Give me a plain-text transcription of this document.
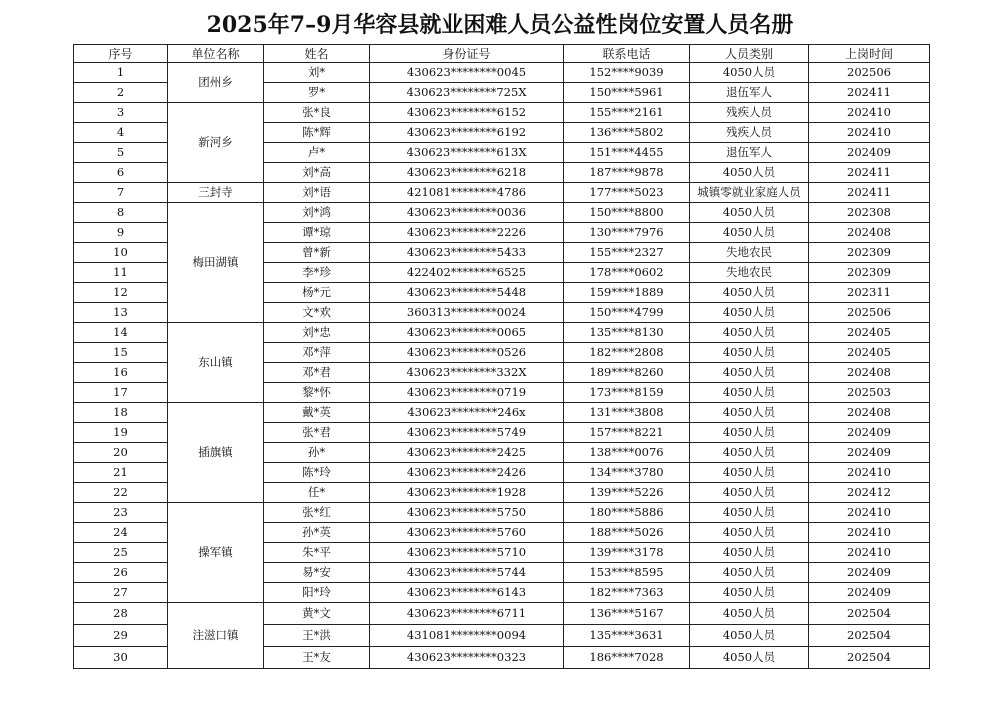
2025年7–9月华容县就业困难人员公益性岗位安置人员名册
序号	单位名称	姓名	身份证号	联系电话	人员类别	上岗时间
1	团州乡	刘*	430623********0045	152****9039	4050人员	202506
2		罗*	430623********725X	150****5961	退伍军人	202411
3	新河乡	张*良	430623********6152	155****2161	残疾人员	202410
4		陈*辉	430623********6192	136****5802	残疾人员	202410
5		卢*	430623********613X	151****4455	退伍军人	202409
6		刘*高	430623********6218	187****9878	4050人员	202411
7	三封寺	刘*语	421081********4786	177****5023	城镇零就业家庭人员	202411
8	梅田湖镇	刘*鸿	430623********0036	150****8800	4050人员	202308
9		谭*琼	430623********2226	130****7976	4050人员	202408
10		曾*新	430623********5433	155****2327	失地农民	202309
11		李*珍	422402********6525	178****0602	失地农民	202309
12		杨*元	430623********5448	159****1889	4050人员	202311
13		文*欢	360313********0024	150****4799	4050人员	202506
14	东山镇	刘*忠	430623********0065	135****8130	4050人员	202405
15		邓*萍	430623********0526	182****2808	4050人员	202405
16		邓*君	430623********332X	189****8260	4050人员	202408
17		黎*怀	430623********0719	173****8159	4050人员	202503
18	插旗镇	戴*英	430623********246x	131****3808	4050人员	202408
19		张*君	430623********5749	157****8221	4050人员	202409
20		孙*	430623********2425	138****0076	4050人员	202409
21		陈*玲	430623********2426	134****3780	4050人员	202410
22		任*	430623********1928	139****5226	4050人员	202412
23	操军镇	张*红	430623********5750	180****5886	4050人员	202410
24		孙*英	430623********5760	188****5026	4050人员	202410
25		朱*平	430623********5710	139****3178	4050人员	202410
26		易*安	430623********5744	153****8595	4050人员	202409
27		阳*玲	430623********6143	182****7363	4050人员	202409
28	注滋口镇	黄*文	430623********6711	136****5167	4050人员	202504
29		王*洪	431081********0094	135****3631	4050人员	202504
30		王*友	430623********0323	186****7028	4050人员	202504
